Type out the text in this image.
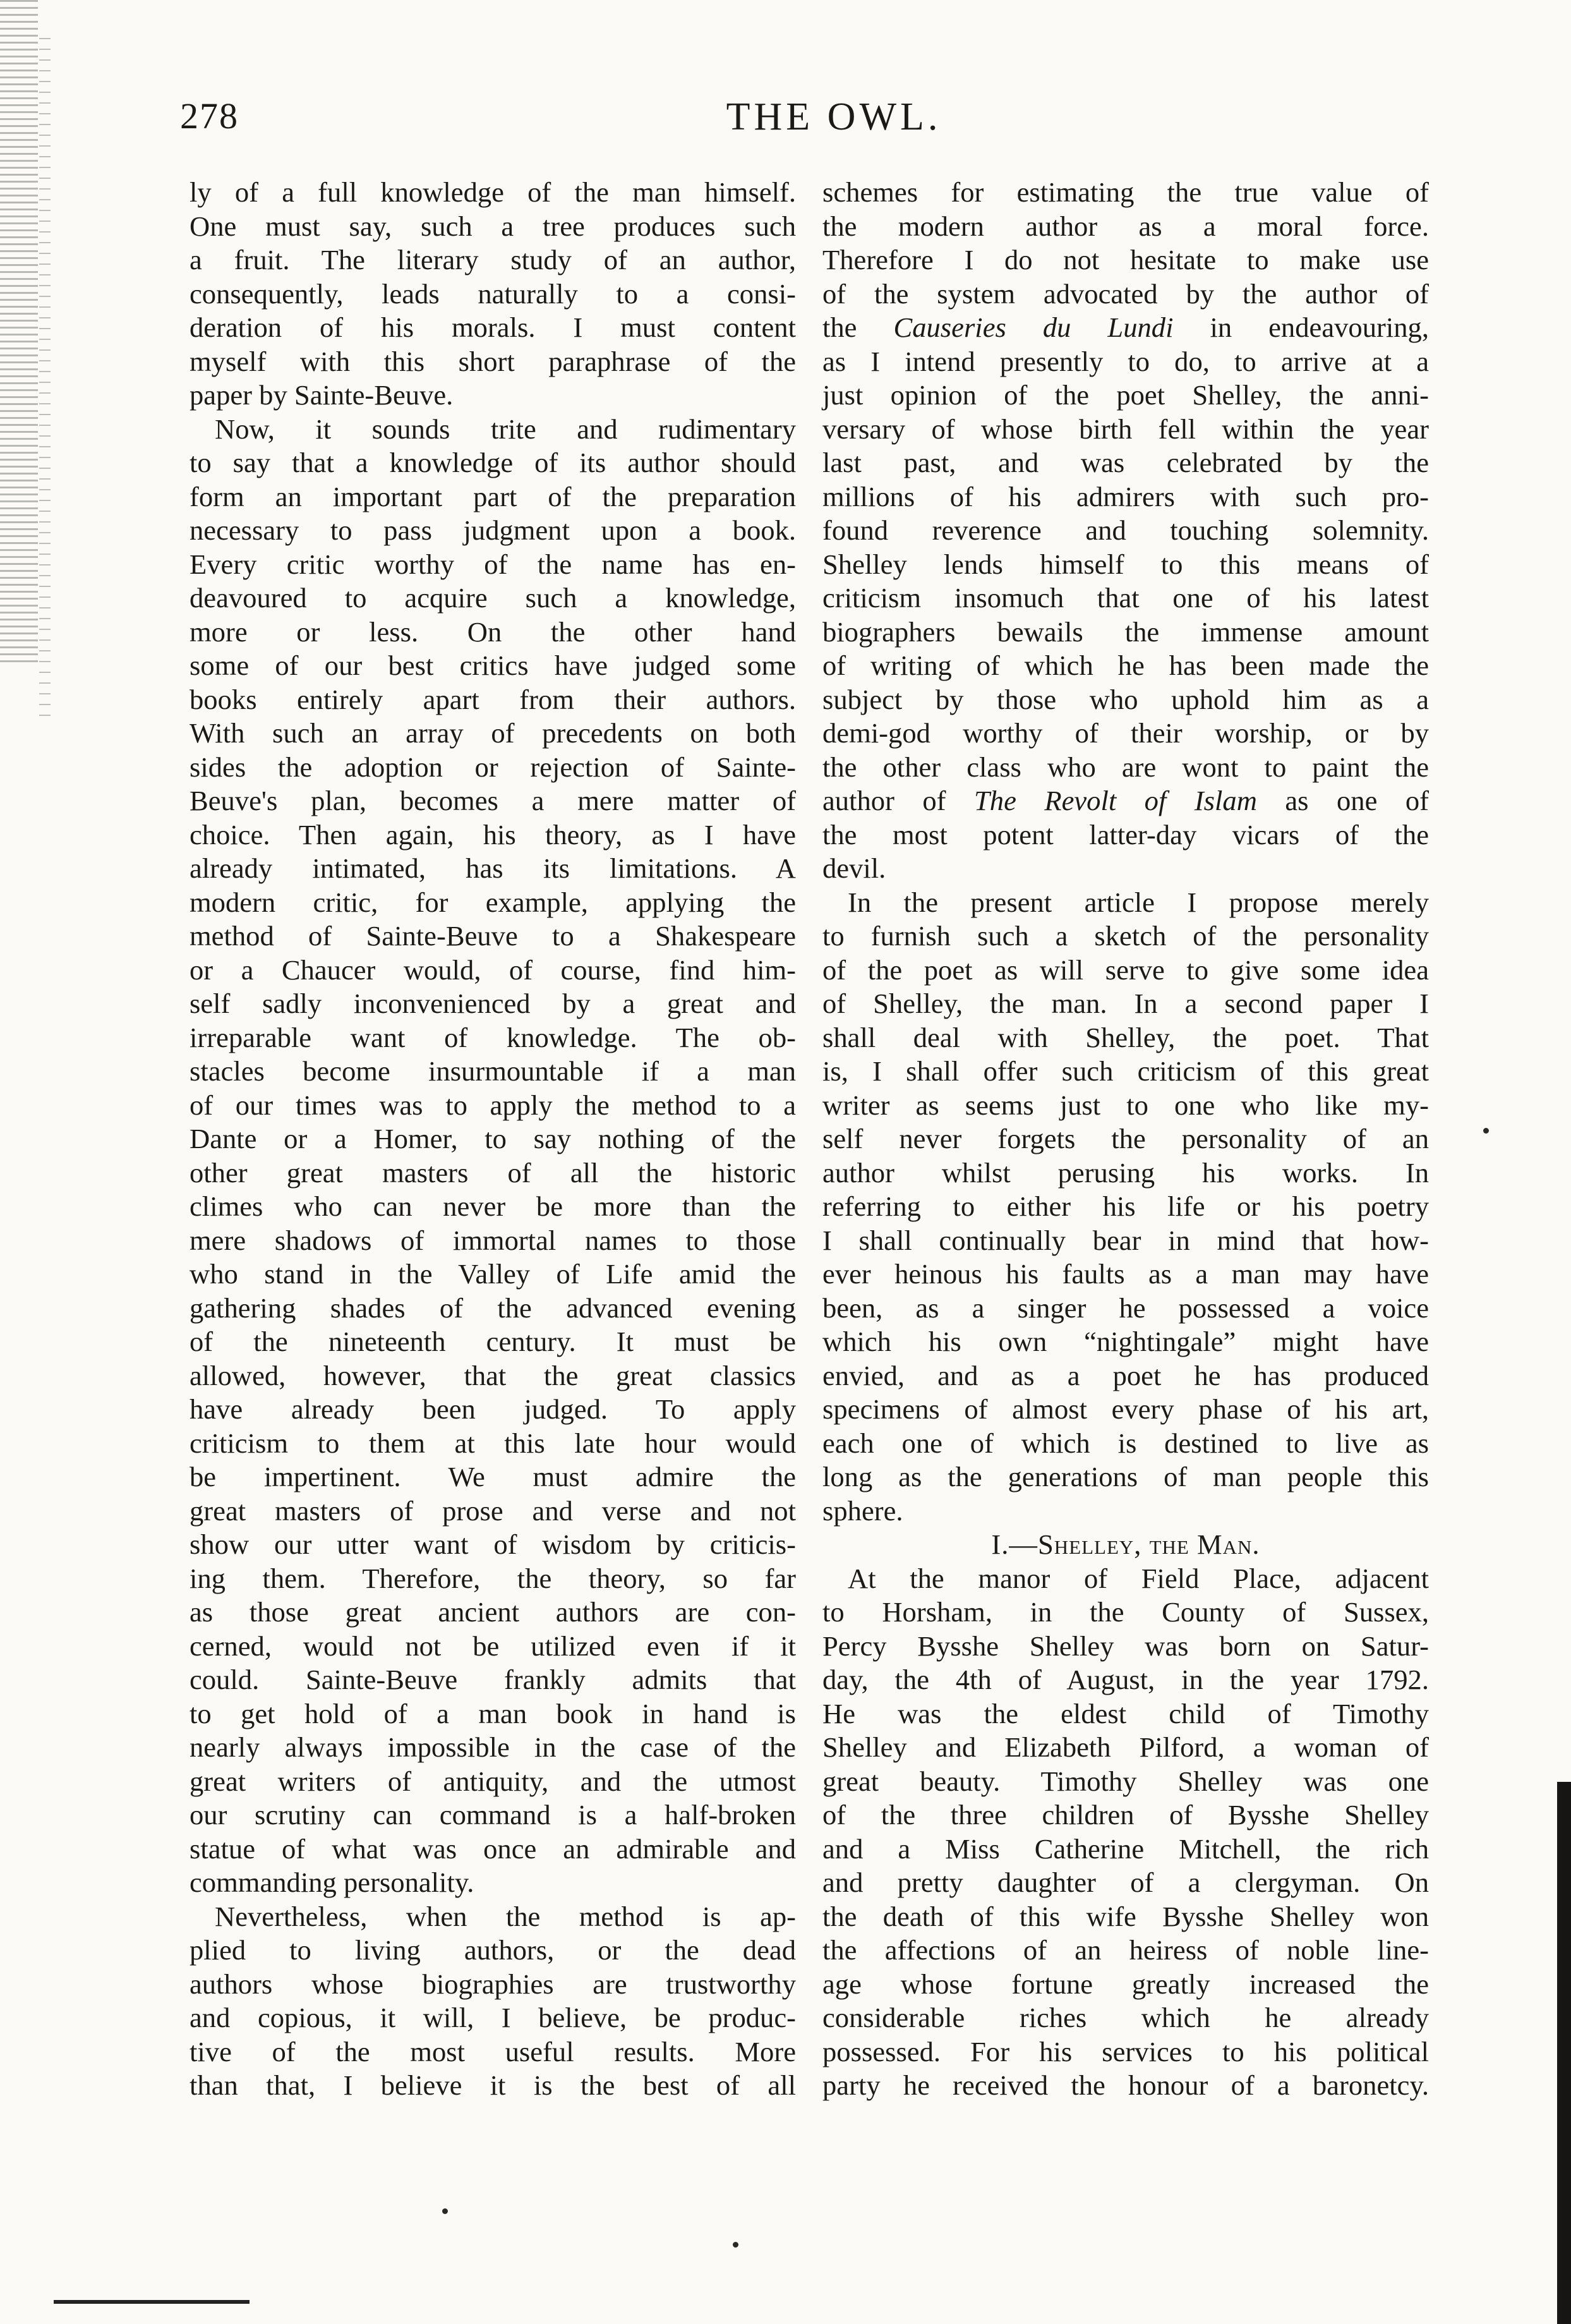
278	THE OWL.
ly of a full knowledge of the man himself.
One must say, such a tree produces such
a fruit. The literary study of an author,
consequently, leads naturally to a consi-
deration of his morals. I must content
myself with this short paraphrase of the
paper by Sainte-Beuve.
Now, it sounds trite and rudimentary
to say that a knowledge of its author should
form an important part of the preparation
necessary to pass judgment upon a book.
Every critic worthy of the name has en-
deavoured to acquire such a knowledge,
more or less. On the other hand
some of our best critics have judged some
books entirely apart from their authors.
With such an array of precedents on both
sides the adoption or rejection of Sainte-
Beuve's plan, becomes a mere matter of
choice. Then again, his theory, as I have
already intimated, has its limitations. A
modern critic, for example, applying the
method of Sainte-Beuve to a Shakespeare
or a Chaucer would, of course, find him-
self sadly inconvenienced by a great and
irreparable want of knowledge. The ob-
stacles become insurmountable if a man
of our times was to apply the method to a
Dante or a Homer, to say nothing of the
other great masters of all the historic
climes who can never be more than the
mere shadows of immortal names to those
who stand in the Valley of Life amid the
gathering shades of the advanced evening
of the nineteenth century. It must be
allowed, however, that the great classics
have already been judged. To apply
criticism to them at this late hour would
be impertinent. We must admire the
great masters of prose and verse and not
show our utter want of wisdom by criticis-
ing them. Therefore, the theory, so far
as those great ancient authors are con-
cerned, would not be utilized even if it
could. Sainte-Beuve frankly admits that
to get hold of a man book in hand is
nearly always impossible in the case of the
great writers of antiquity, and the utmost
our scrutiny can command is a half-broken
statue of what was once an admirable and
commanding personality.
Nevertheless, when the method is ap-
plied to living authors, or the dead
authors whose biographies are trustworthy
and copious, it will, I believe, be produc-
tive of the most useful results. More
than that, I believe it is the best of all
schemes for estimating the true value of
the modern author as a moral force.
Therefore I do not hesitate to make use
of the system advocated by the author of
the Causeries du Lundi in endeavouring,
as I intend presently to do, to arrive at a
just opinion of the poet Shelley, the anni-
versary of whose birth fell within the year
last past, and was celebrated by the
millions of his admirers with such pro-
found reverence and touching solemnity.
Shelley lends himself to this means of
criticism insomuch that one of his latest
biographers bewails the immense amount
of writing of which he has been made the
subject by those who uphold him as a
demi-god worthy of their worship, or by
the other class who are wont to paint the
author of The Revolt of Islam as one of
the most potent latter-day vicars of the
devil.
In the present article I propose merely
to furnish such a sketch of the personality
of the poet as will serve to give some idea
of Shelley, the man. In a second paper I
shall deal with Shelley, the poet. That
is, I shall offer such criticism of this great
writer as seems just to one who like my-
self never forgets the personality of an
author whilst perusing his works. In
referring to either his life or his poetry
I shall continually bear in mind that how-
ever heinous his faults as a man may have
been, as a singer he possessed a voice
which his own “nightingale” might have
envied, and as a poet he has produced
specimens of almost every phase of his art,
each one of which is destined to live as
long as the generations of man people this
sphere.
I.—Shelley, the Man.
At the manor of Field Place, adjacent
to Horsham, in the County of Sussex,
Percy Bysshe Shelley was born on Satur-
day, the 4th of August, in the year 1792.
He was the eldest child of Timothy
Shelley and Elizabeth Pilford, a woman of
great beauty. Timothy Shelley was one
of the three children of Bysshe Shelley
and a Miss Catherine Mitchell, the rich
and pretty daughter of a clergyman. On
the death of this wife Bysshe Shelley won
the affections of an heiress of noble line-
age whose fortune greatly increased the
considerable riches which he already
possessed. For his services to his political
party he received the honour of a baronetcy.
